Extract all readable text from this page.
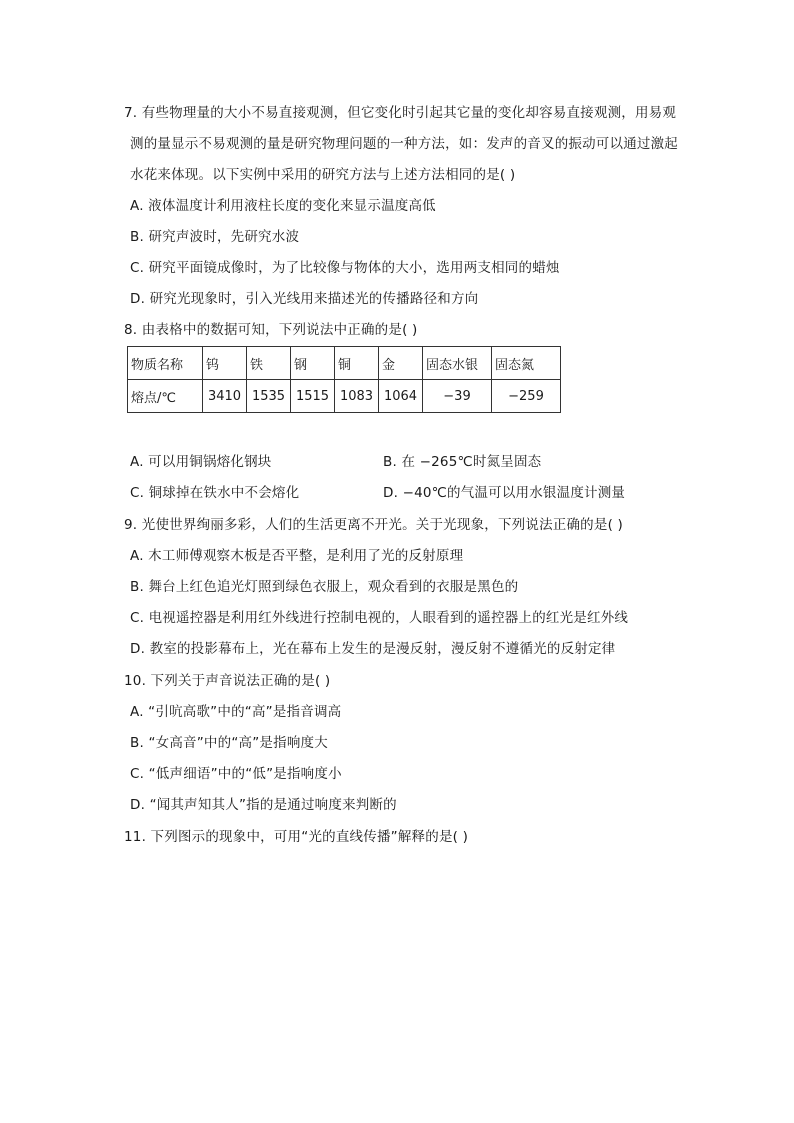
7. 有些物理量的大小不易直接观测，但它变化时引起其它量的变化却容易直接观测，用易观
测的量显示不易观测的量是研究物理问题的一种方法，如：发声的音叉的振动可以通过激起
水花来体现。以下实例中采用的研究方法与上述方法相同的是( )
A. 液体温度计利用液柱长度的变化来显示温度高低
B. 研究声波时，先研究水波
C. 研究平面镜成像时，为了比较像与物体的大小，选用两支相同的蜡烛
D. 研究光现象时，引入光线用来描述光的传播路径和方向
8. 由表格中的数据可知，下列说法中正确的是( )
物质名称	钨	铁	钢	铜	金	固态水银	固态氮
熔点/℃	3410	1535	1515	1083	1064	−39	−259
A. 可以用铜锅熔化钢块	B. 在 −265℃时氮呈固态
C. 铜球掉在铁水中不会熔化	D. −40℃的气温可以用水银温度计测量
9. 光使世界绚丽多彩，人们的生活更离不开光。关于光现象，下列说法正确的是( )
A. 木工师傅观察木板是否平整，是利用了光的反射原理
B. 舞台上红色追光灯照到绿色衣服上，观众看到的衣服是黑色的
C. 电视遥控器是利用红外线进行控制电视的，人眼看到的遥控器上的红光是红外线
D. 教室的投影幕布上，光在幕布上发生的是漫反射，漫反射不遵循光的反射定律
10. 下列关于声音说法正确的是( )
A. “引吭高歌”中的“高”是指音调高
B. “女高音”中的“高”是指响度大
C. “低声细语”中的“低”是指响度小
D. “闻其声知其人”指的是通过响度来判断的
11. 下列图示的现象中，可用“光的直线传播”解释的是( )
